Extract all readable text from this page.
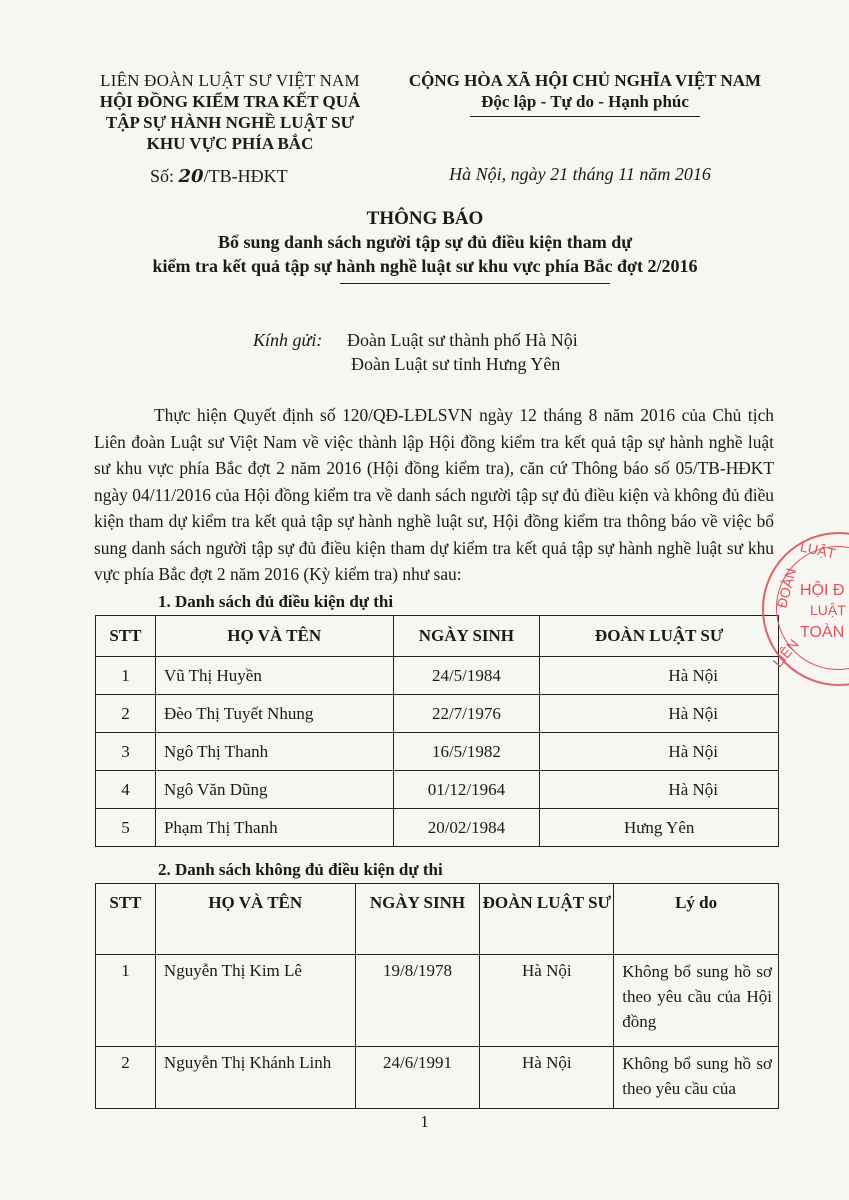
LIÊN ĐOÀN LUẬT SƯ VIỆT NAM
HỘI ĐỒNG KIỂM TRA KẾT QUẢ
TẬP SỰ HÀNH NGHỀ LUẬT SƯ
KHU VỰC PHÍA BẮC
CỘNG HÒA XÃ HỘI CHỦ NGHĨA VIỆT NAM
Độc lập - Tự do - Hạnh phúc
Số: 20/TB-HĐKT	Hà Nội, ngày 21 tháng 11 năm 2016
THÔNG BÁO
Bổ sung danh sách người tập sự đủ điều kiện tham dự
kiểm tra kết quả tập sự hành nghề luật sư khu vực phía Bắc đợt 2/2016
Kính gửi: Đoàn Luật sư thành phố Hà Nội
Đoàn Luật sư tỉnh Hưng Yên
Thực hiện Quyết định số 120/QĐ-LĐLSVN ngày 12 tháng 8 năm 2016 của Chủ tịch Liên đoàn Luật sư Việt Nam về việc thành lập Hội đồng kiểm tra kết quả tập sự hành nghề luật sư khu vực phía Bắc đợt 2 năm 2016 (Hội đồng kiểm tra), căn cứ Thông báo số 05/TB-HĐKT ngày 04/11/2016 của Hội đồng kiểm tra về danh sách người tập sự đủ điều kiện và không đủ điều kiện tham dự kiểm tra kết quả tập sự hành nghề luật sư, Hội đồng kiểm tra thông báo về việc bổ sung danh sách người tập sự đủ điều kiện tham dự kiểm tra kết quả tập sự hành nghề luật sư khu vực phía Bắc đợt 2 năm 2016 (Kỳ kiểm tra) như sau:
1. Danh sách đủ điều kiện dự thi
STT	HỌ VÀ TÊN	NGÀY SINH	ĐOÀN LUẬT SƯ
1	Vũ Thị Huyền	24/5/1984	Hà Nội
2	Đèo Thị Tuyết Nhung	22/7/1976	Hà Nội
3	Ngô Thị Thanh	16/5/1982	Hà Nội
4	Ngô Văn Dũng	01/12/1964	Hà Nội
5	Phạm Thị Thanh	20/02/1984	Hưng Yên
2. Danh sách không đủ điều kiện dự thi
STT	HỌ VÀ TÊN	NGÀY SINH	ĐOÀN LUẬT SƯ	Lý do
1	Nguyễn Thị Kim Lê	19/8/1978	Hà Nội	Không bổ sung hồ sơ theo yêu cầu của Hội đồng
2	Nguyễn Thị Khánh Linh	24/6/1991	Hà Nội	Không bổ sung hồ sơ theo yêu cầu của
1
LUẬT
HỘI Đ
LUẬT
TOÀN
ĐOÀN
LIÊN
